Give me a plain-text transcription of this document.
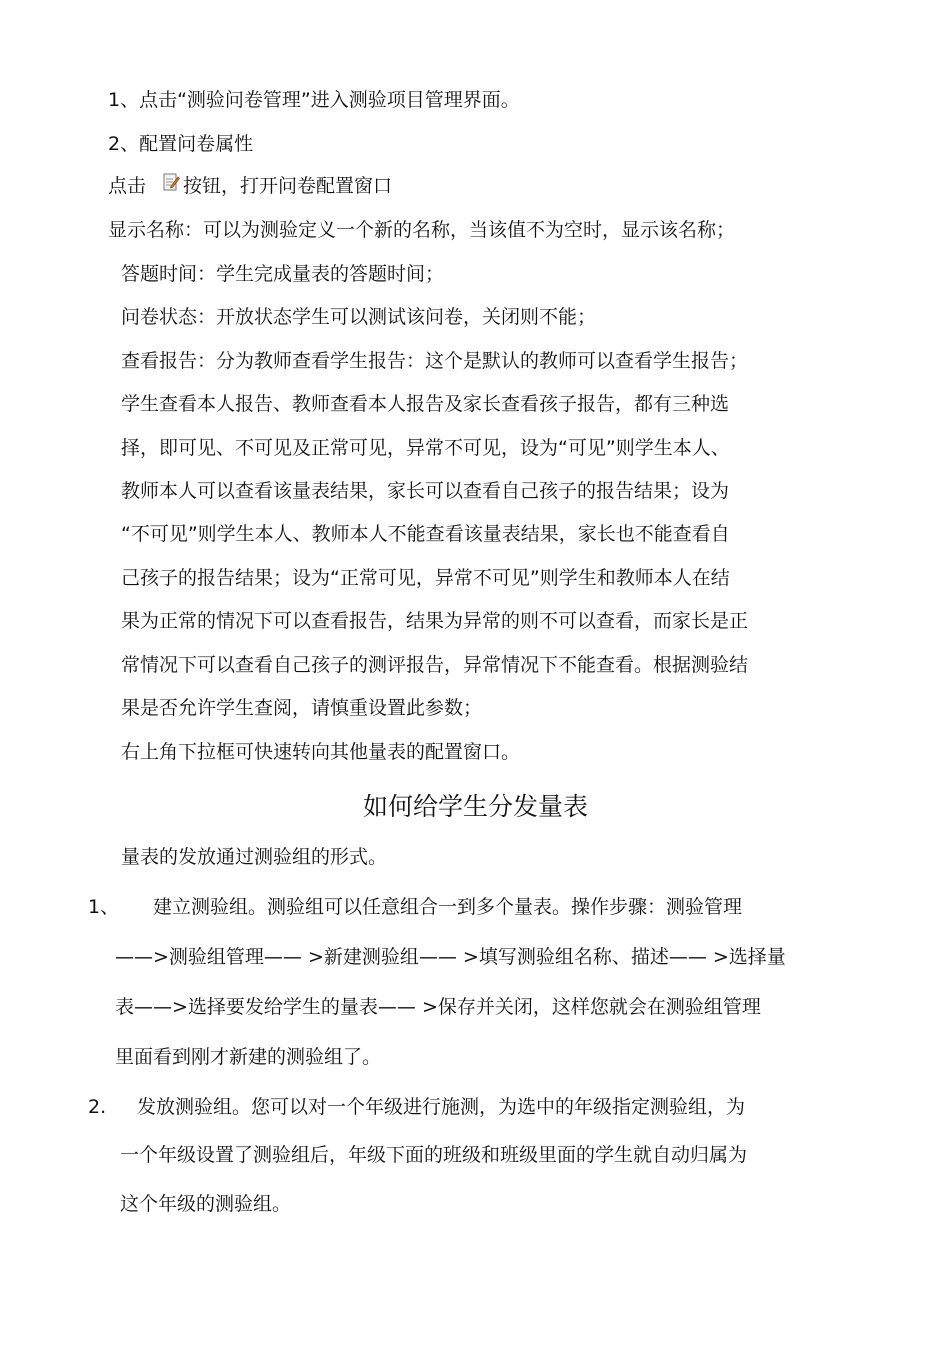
1、点击“测验问卷管理”进入测验项目管理界面。
2、配置问卷属性
点击 按钮，打开问卷配置窗口
显示名称：可以为测验定义一个新的名称，当该值不为空时，显示该名称；
答题时间：学生完成量表的答题时间；
问卷状态：开放状态学生可以测试该问卷，关闭则不能；
查看报告：分为教师查看学生报告：这个是默认的教师可以查看学生报告；
学生查看本人报告、教师查看本人报告及家长查看孩子报告，都有三种选
择，即可见、不可见及正常可见，异常不可见，设为“可见”则学生本人、
教师本人可以查看该量表结果，家长可以查看自己孩子的报告结果；设为
“不可见”则学生本人、教师本人不能查看该量表结果，家长也不能查看自
己孩子的报告结果；设为“正常可见，异常不可见”则学生和教师本人在结
果为正常的情况下可以查看报告，结果为异常的则不可以查看，而家长是正
常情况下可以查看自己孩子的测评报告，异常情况下不能查看。根据测验结
果是否允许学生查阅，请慎重设置此参数；
右上角下拉框可快速转向其他量表的配置窗口。
如何给学生分发量表
量表的发放通过测验组的形式。
1、 建立测验组。测验组可以任意组合一到多个量表。操作步骤：测验管理
——>测验组管理—— >新建测验组—— >填写测验组名称、描述—— >选择量
表——>选择要发给学生的量表—— >保存并关闭，这样您就会在测验组管理
里面看到刚才新建的测验组了。
2. 发放测验组。您可以对一个年级进行施测，为选中的年级指定测验组，为
一个年级设置了测验组后，年级下面的班级和班级里面的学生就自动归属为
这个年级的测验组。
